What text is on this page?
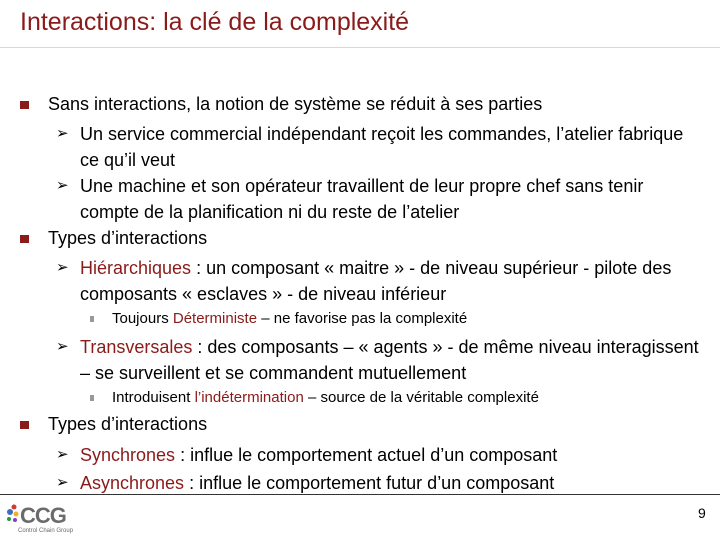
Interactions: la clé de la complexité
Sans interactions, la notion de système se réduit à ses parties
➢ Un service commercial indépendant reçoit les commandes, l’atelier fabrique ce qu’il veut
➢ Une machine et son opérateur travaillent de leur propre chef sans tenir compte de la planification ni du reste de l’atelier
Types d’interactions
➢ Hiérarchiques : un composant « maitre » - de niveau supérieur - pilote des composants « esclaves » - de niveau inférieur
Toujours Déterministe – ne favorise pas la complexité
➢ Transversales : des composants – « agents » - de même niveau interagissent – se surveillent et se commandent mutuellement
Introduisent l’indétermination – source de la véritable complexité
Types d’interactions
➢ Synchrones : influe le comportement actuel d’un composant
➢ Asynchrones : influe le comportement futur d’un composant
CCG
Control Chain Group
9
